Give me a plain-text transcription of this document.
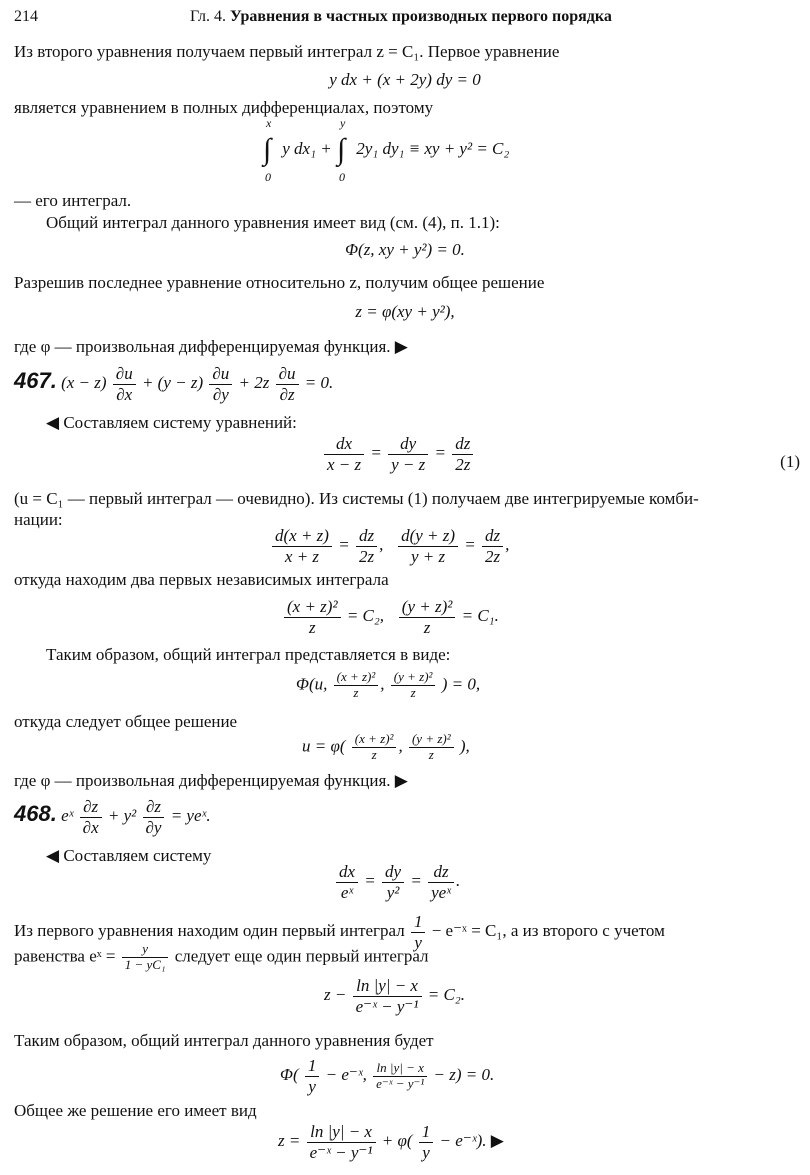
214	Гл. 4. Уравнения в частных производных первого порядка
Из второго уравнения получаем первый интеграл z = C₁. Первое уравнение
y dx + (x + 2y) dy = 0
является уравнением в полных дифференциалах, поэтому
∫
x
0
y dx₁ + ∫
y
0
2y₁ dy₁ ≡ xy + y² = C₂
— его интеграл.
Общий интеграл данного уравнения имеет вид (см. (4), п. 1.1):
Φ(z, xy + y²) = 0.
Разрешив последнее уравнение относительно z, получим общее решение
z = φ(xy + y²),
где φ — произвольная дифференцируемая функция. ▶
467. $(x - z) \frac{\partial u}{\partial x} + (y - z) \frac{\partial u}{\partial y} + 2z \frac{\partial u}{\partial z} = 0$.
◀ Составляем систему уравнений:
$\frac{dx}{x - z} = \frac{dy}{y - z} = \frac{dz}{2z}$	(1)
(u = C₁ — первый интеграл — очевидно). Из системы (1) получаем две интегрируемые комби-
нации:
$\frac{d(x + z)}{x + z} = \frac{dz}{2z}$ , $\frac{d(y + z)}{y + z} = \frac{dz}{2z}$ ,
откуда находим два первых независимых интеграла
$\frac{\text{(x + z)²}}{z} = C_2$, $\frac{\text{(y + z)²}}{z} = C_1$.
Таким образом, общий интеграл представляется в виде:
Φ(u, $\frac{\text{(x + z)²}}{z}$ , $\frac{\text{(y + z)²}}{z}$ ) = 0,
откуда следует общее решение
$u = \varphi( \frac{\text{(x + z)²}}{z}$ , $\frac{\text{(y + z)²}}{z}$ ),
где φ — произвольная дифференцируемая функция. ▶
468. eˣ $\frac{\partial z}{\partial x} + y^2 \frac{\partial z}{\partial y}$ = yeˣ.
◀ Составляем систему
$\frac{dx}{\text{eˣ}} = \frac{dy}{\text{y²}} = \frac{dz}{\text{yeˣ}}$ .
Из первого уравнения находим один первый интеграл $\frac{1}{y}$ − e⁻ˣ = C₁, а из второго с учетом
равенства eˣ = $\frac{y}{\text{1 − yC₁}}$ следует еще один первый интеграл
$z - \frac{\ln |y| - x}{\text{e⁻ˣ − y⁻¹}} = C_2$.
Таким образом, общий интеграл данного уравнения будет
$\Phi( \frac{1}{y}$ − e⁻ˣ, $\frac{\ln |y| - x}{\text{e⁻ˣ − y⁻¹}} - z) = 0$.
Общее же решение его имеет вид
$z = \frac{\ln |y| - x}{\text{e⁻ˣ − y⁻¹}} + \varphi( \frac{1}{y}$ − e⁻ˣ). ▶
